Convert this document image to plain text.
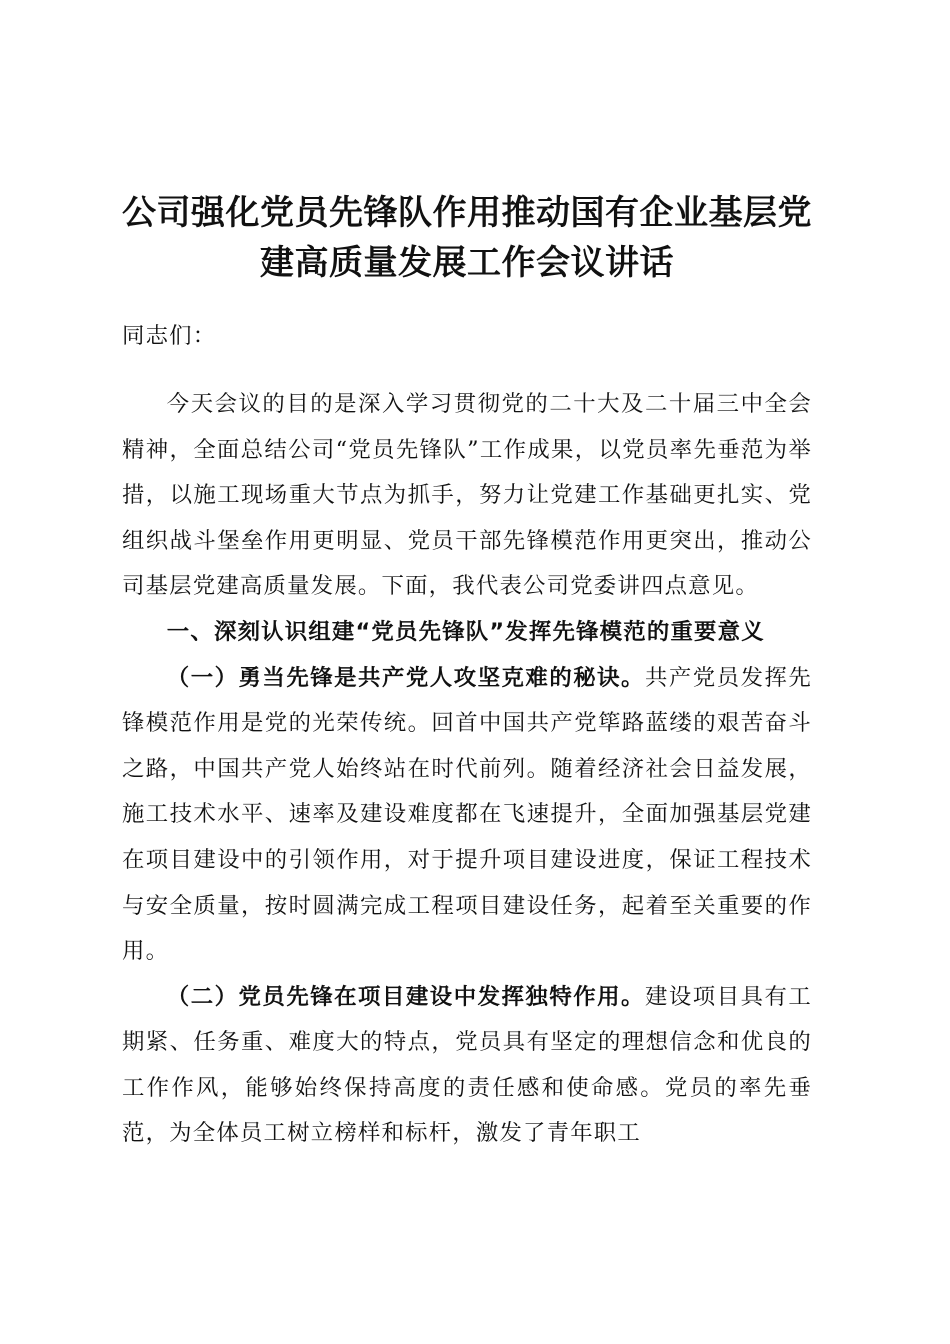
公司强化党员先锋队作用推动国有企业基层党建高质量发展工作会议讲话

同志们：

今天会议的目的是深入学习贯彻党的二十大及二十届三中全会精神，全面总结公司“党员先锋队”工作成果，以党员率先垂范为举措，以施工现场重大节点为抓手，努力让党建工作基础更扎实、党组织战斗堡垒作用更明显、党员干部先锋模范作用更突出，推动公司基层党建高质量发展。下面，我代表公司党委讲四点意见。

一、深刻认识组建“党员先锋队”发挥先锋模范的重要意义

（一）勇当先锋是共产党人攻坚克难的秘诀。共产党员发挥先锋模范作用是党的光荣传统。回首中国共产党筚路蓝缕的艰苦奋斗之路，中国共产党人始终站在时代前列。随着经济社会日益发展，施工技术水平、速率及建设难度都在飞速提升，全面加强基层党建在项目建设中的引领作用，对于提升项目建设进度，保证工程技术与安全质量，按时圆满完成工程项目建设任务，起着至关重要的作用。

（二）党员先锋在项目建设中发挥独特作用。建设项目具有工期紧、任务重、难度大的特点，党员具有坚定的理想信念和优良的工作作风，能够始终保持高度的责任感和使命感。党员的率先垂范，为全体员工树立榜样和标杆，激发了青年职工
